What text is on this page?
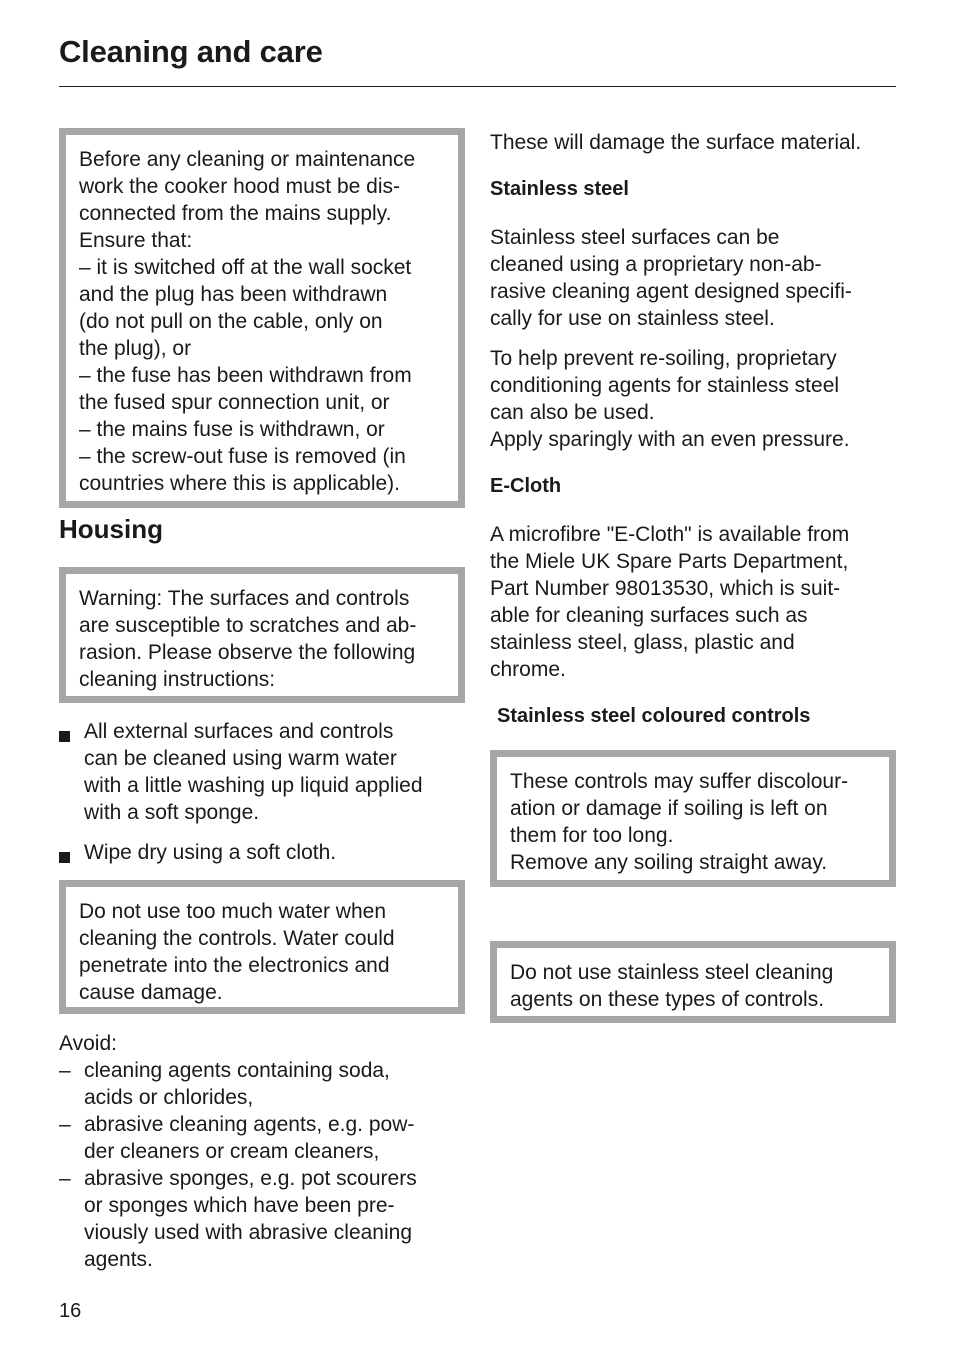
Cleaning and care

Before any cleaning or maintenance
work the cooker hood must be dis-
connected from the mains supply.
Ensure that:
– it is switched off at the wall socket
and the plug has been withdrawn
(do not pull on the cable, only on
the plug), or
– the fuse has been withdrawn from
the fused spur connection unit, or
– the mains fuse is withdrawn, or
– the screw-out fuse is removed (in
countries where this is applicable).

Housing

Warning: The surfaces and controls
are susceptible to scratches and ab-
rasion. Please observe the following
cleaning instructions:

All external surfaces and controls
can be cleaned using warm water
with a little washing up liquid applied
with a soft sponge.
Wipe dry using a soft cloth.

Do not use too much water when
cleaning the controls. Water could
penetrate into the electronics and
cause damage.

Avoid:
– cleaning agents containing soda,
acids or chlorides,
– abrasive cleaning agents, e.g. pow-
der cleaners or cream cleaners,
– abrasive sponges, e.g. pot scourers
or sponges which have been pre-
viously used with abrasive cleaning
agents.
These will damage the surface material.
Stainless steel
Stainless steel surfaces can be
cleaned using a proprietary non-ab-
rasive cleaning agent designed specifi-
cally for use on stainless steel.
To help prevent re-soiling, proprietary
conditioning agents for stainless steel
can also be used.
Apply sparingly with an even pressure.
E-Cloth
A microfibre "E-Cloth" is available from
the Miele UK Spare Parts Department,
Part Number 98013530, which is suit-
able for cleaning surfaces such as
stainless steel, glass, plastic and
chrome.
Stainless steel coloured controls

These controls may suffer discolour-
ation or damage if soiling is left on
them for too long.
Remove any soiling straight away.

Do not use stainless steel cleaning
agents on these types of controls.

16
